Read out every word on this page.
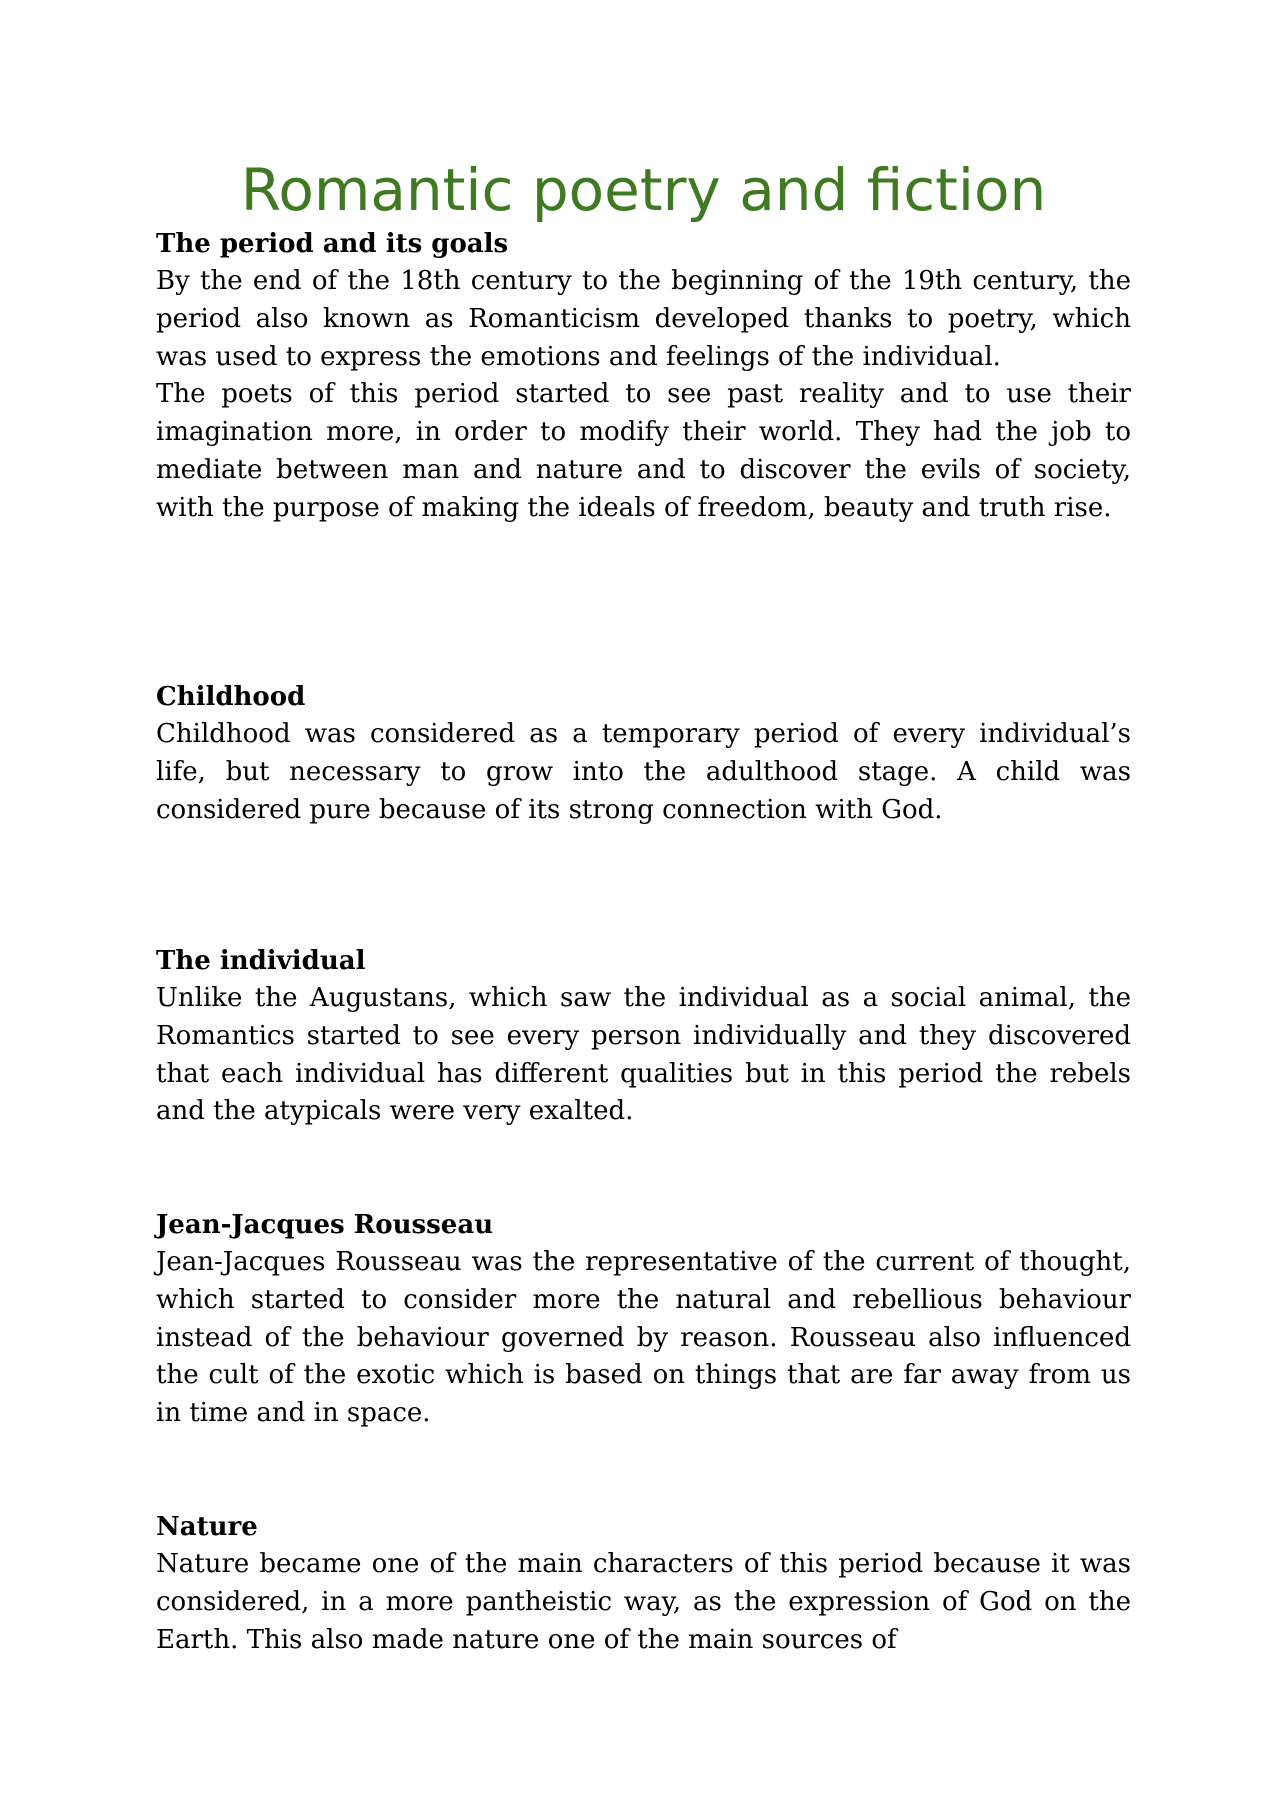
Romantic poetry and fiction

The period and its goals

By the end of the 18th century to the beginning of the 19th century, the period also known as Romanticism developed thanks to poetry, which was used to express the emotions and feelings of the individual.

The poets of this period started to see past reality and to use their imagination more, in order to modify their world. They had the job to mediate between man and nature and to discover the evils of society, with the purpose of making the ideals of freedom, beauty and truth rise.

Childhood

Childhood was considered as a temporary period of every individual’s life, but necessary to grow into the adulthood stage. A child was considered pure because of its strong connection with God.

The individual

Unlike the Augustans, which saw the individual as a social animal, the Romantics started to see every person individually and they discovered that each individual has different qualities but in this period the rebels and the atypicals were very exalted.

Jean-Jacques Rousseau

Jean-Jacques Rousseau was the representative of the current of thought, which started to consider more the natural and rebellious behaviour instead of the behaviour governed by reason. Rousseau also influenced the cult of the exotic which is based on things that are far away from us in time and in space.

Nature

Nature became one of the main characters of this period because it was considered, in a more pantheistic way, as the expression of God on the Earth. This also made nature one of the main sources of
